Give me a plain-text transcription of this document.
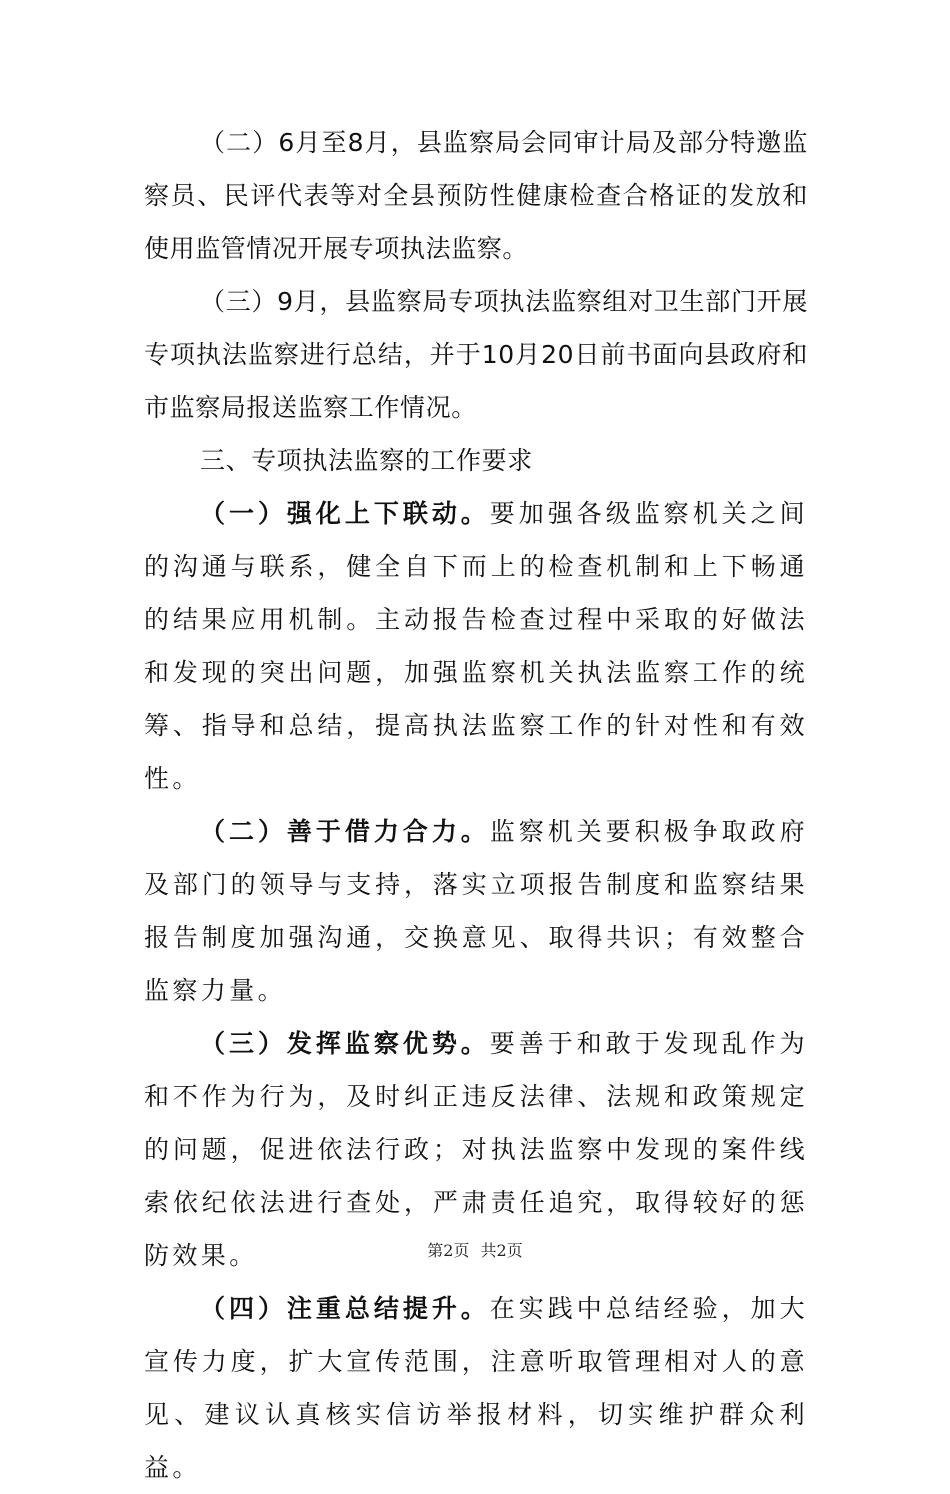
（二）6月至8月，县监察局会同审计局及部分特邀监察员、民评代表等对全县预防性健康检查合格证的发放和使用监管情况开展专项执法监察。

（三）9月，县监察局专项执法监察组对卫生部门开展专项执法监察进行总结，并于10月20日前书面向县政府和市监察局报送监察工作情况。

三、专项执法监察的工作要求

（一）强化上下联动。要加强各级监察机关之间的沟通与联系，健全自下而上的检查机制和上下畅通的结果应用机制。主动报告检查过程中采取的好做法和发现的突出问题，加强监察机关执法监察工作的统筹、指导和总结，提高执法监察工作的针对性和有效性。

（二）善于借力合力。监察机关要积极争取政府及部门的领导与支持，落实立项报告制度和监察结果报告制度加强沟通，交换意见、取得共识；有效整合监察力量。

（三）发挥监察优势。要善于和敢于发现乱作为和不作为行为，及时纠正违反法律、法规和政策规定的问题，促进依法行政；对执法监察中发现的案件线索依纪依法进行查处，严肃责任追究，取得较好的惩防效果。

（四）注重总结提升。在实践中总结经验，加大宣传力度，扩大宣传范围，注意听取管理相对人的意见、建议认真核实信访举报材料，切实维护群众利益。

第2页 共2页
